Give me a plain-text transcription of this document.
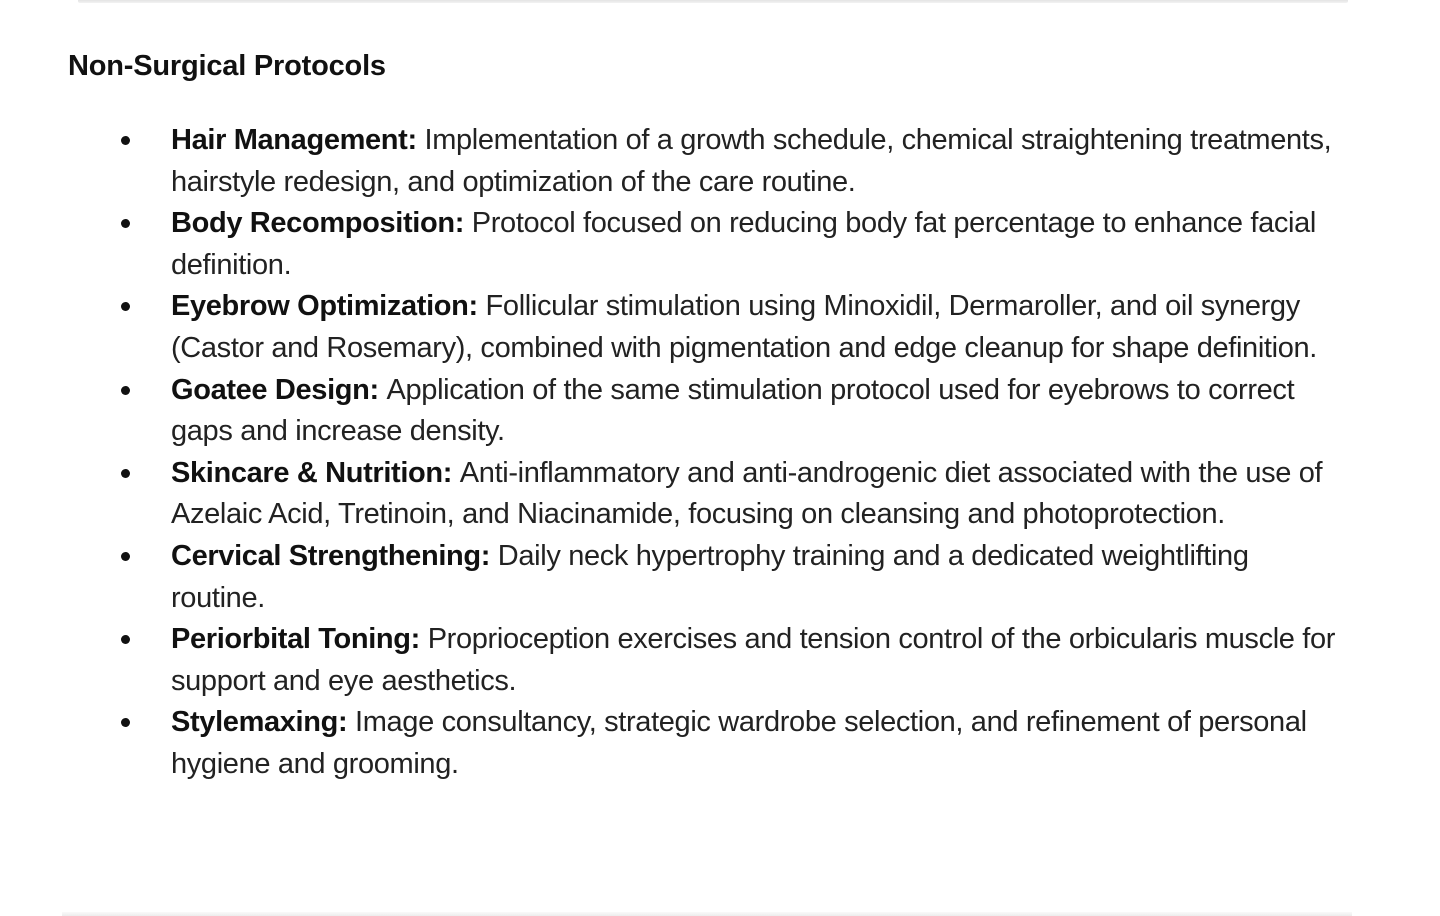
Non-Surgical Protocols
Hair Management: Implementation of a growth schedule, chemical straightening treatments, hairstyle redesign, and optimization of the care routine.
Body Recomposition: Protocol focused on reducing body fat percentage to enhance facial definition.
Eyebrow Optimization: Follicular stimulation using Minoxidil, Dermaroller, and oil synergy (Castor and Rosemary), combined with pigmentation and edge cleanup for shape definition.
Goatee Design: Application of the same stimulation protocol used for eyebrows to correct gaps and increase density.
Skincare & Nutrition: Anti-inflammatory and anti-androgenic diet associated with the use of Azelaic Acid, Tretinoin, and Niacinamide, focusing on cleansing and photoprotection.
Cervical Strengthening: Daily neck hypertrophy training and a dedicated weightlifting routine.
Periorbital Toning: Proprioception exercises and tension control of the orbicularis muscle for support and eye aesthetics.
Stylemaxing: Image consultancy, strategic wardrobe selection, and refinement of personal hygiene and grooming.
